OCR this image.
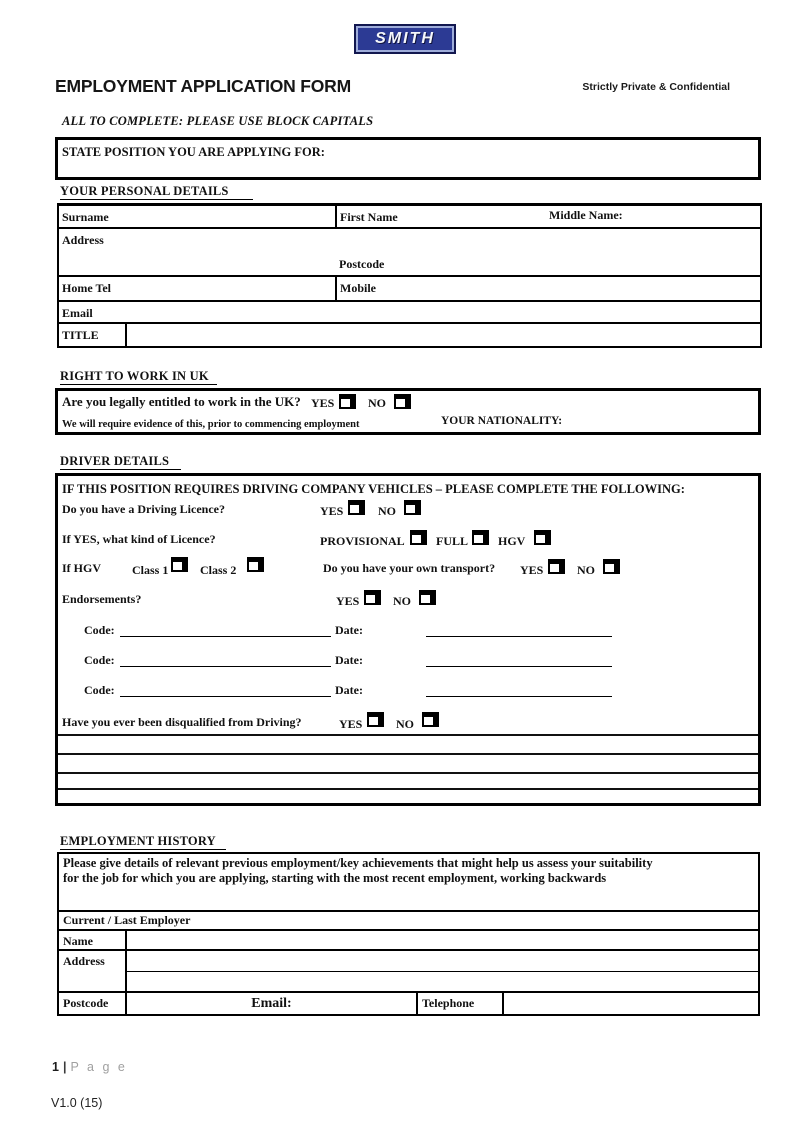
SMITH
EMPLOYMENT APPLICATION FORM	Strictly Private & Confidential
ALL TO COMPLETE: PLEASE USE BLOCK CAPITALS
STATE POSITION YOU ARE APPLYING FOR:
YOUR PERSONAL DETAILS
Surname	First Name	Middle Name:
Address
Postcode
Home Tel	Mobile
Email
TITLE
RIGHT TO WORK IN UK
Are you legally entitled to work in the UK? YES	NO
We will require evidence of this, prior to commencing employment	YOUR NATIONALITY:
DRIVER DETAILS
IF THIS POSITION REQUIRES DRIVING COMPANY VEHICLES – PLEASE COMPLETE THE FOLLOWING:
Do you have a Driving Licence?	YES	NO
If YES, what kind of Licence?	PROVISIONAL	FULL HGV
If HGV	Class 1	Class 2	Do you have your own transport? YES	NO
Endorsements?	YES	NO
Code:	Date:
Code:	Date:
Code:	Date:
Have you ever been disqualified from Driving?	YES	NO
EMPLOYMENT HISTORY
Please give details of relevant previous employment/key achievements that might help us assess your suitability
for the job for which you are applying, starting with the most recent employment, working backwards
Current / Last Employer
Name
Address
Postcode	Email:	Telephone
1 | P a g e
V1.0 (15)
